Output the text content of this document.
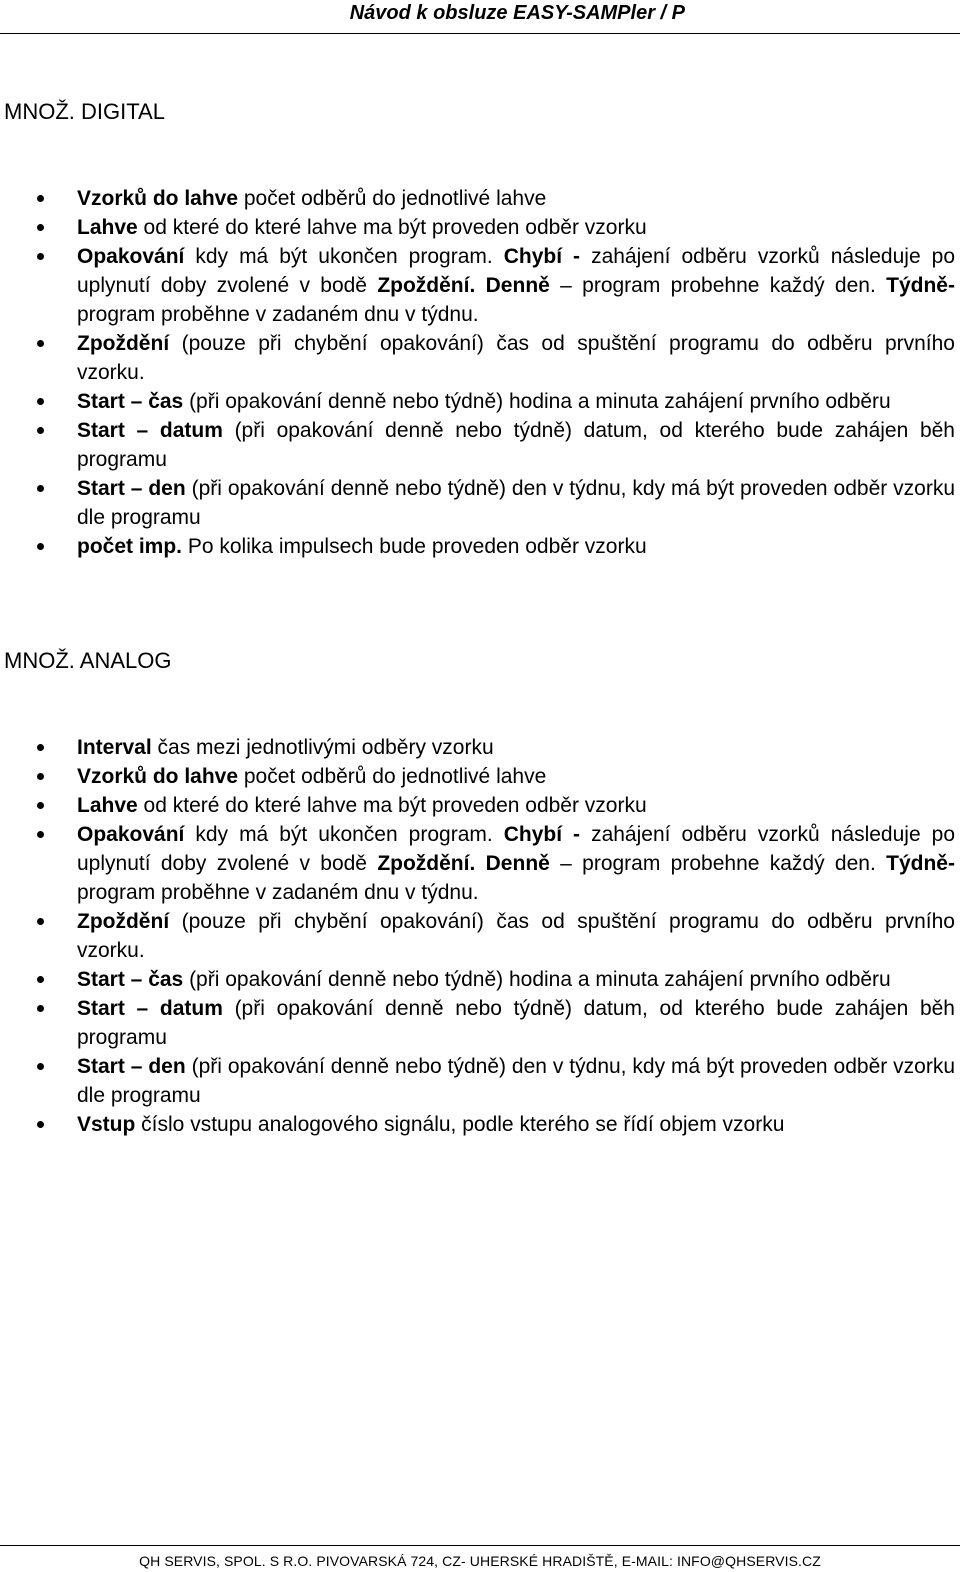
Návod k obsluze EASY-SAMPler / P
MNOŽ. DIGITAL
Vzorků do lahve počet odběrů do jednotlivé lahve
Lahve od které do které lahve ma být proveden odběr vzorku
Opakování kdy má být ukončen program. Chybí - zahájení odběru vzorků následuje po uplynutí doby zvolené v bodě Zpoždění. Denně – program probehne každý den. Týdně- program proběhne v zadaném dnu v týdnu.
Zpoždění (pouze při chybění opakování) čas od spuštění programu do odběru prvního vzorku.
Start – čas (při opakování denně nebo týdně) hodina a minuta zahájení prvního odběru
Start – datum (při opakování denně nebo týdně) datum, od kterého bude zahájen běh programu
Start – den (při opakování denně nebo týdně) den v týdnu, kdy má být proveden odběr vzorku dle programu
počet imp. Po kolika impulsech bude proveden odběr vzorku
MNOŽ. ANALOG
Interval čas mezi jednotlivými odběry vzorku
Vzorků do lahve počet odběrů do jednotlivé lahve
Lahve od které do které lahve ma být proveden odběr vzorku
Opakování kdy má být ukončen program. Chybí - zahájení odběru vzorků následuje po uplynutí doby zvolené v bodě Zpoždění. Denně – program probehne každý den. Týdně- program proběhne v zadaném dnu v týdnu.
Zpoždění (pouze při chybění opakování) čas od spuštění programu do odběru prvního vzorku.
Start – čas (při opakování denně nebo týdně) hodina a minuta zahájení prvního odběru
Start – datum (při opakování denně nebo týdně) datum, od kterého bude zahájen běh programu
Start – den (při opakování denně nebo týdně) den v týdnu, kdy má být proveden odběr vzorku dle programu
Vstup číslo vstupu analogového signálu, podle kterého se řídí objem vzorku
QH SERVIS, SPOL. S R.O. PIVOVARSKÁ 724, CZ- UHERSKÉ HRADIŠTĚ, E-MAIL: INFO@QHSERVIS.CZ
